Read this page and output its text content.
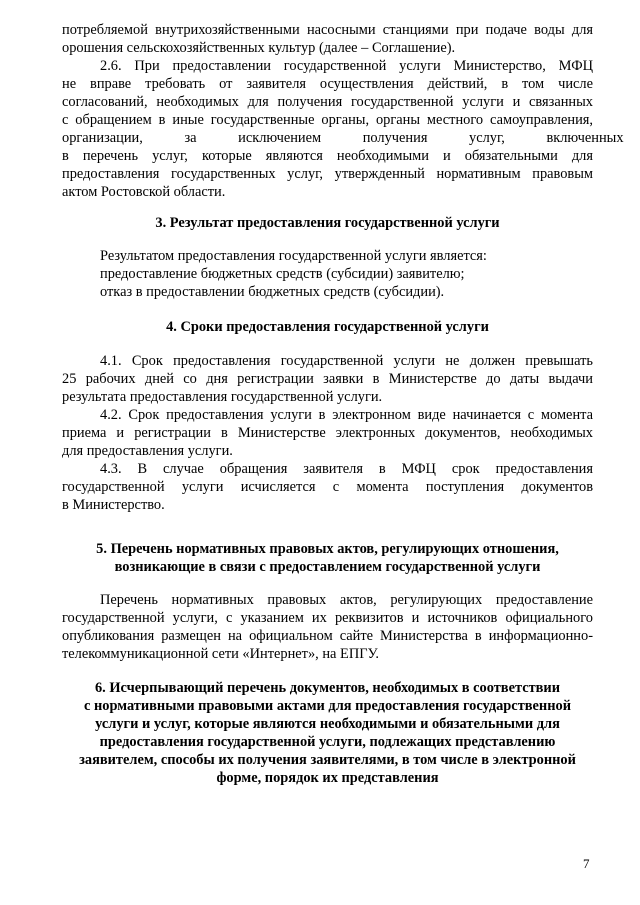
потребляемой внутрихозяйственными насосными станциями при подаче воды для
орошения сельскохозяйственных культур (далее – Соглашение).
2.6. При предоставлении государственной услуги Министерство, МФЦ
не вправе требовать от заявителя осуществления действий, в том числе
согласований, необходимых для получения государственной услуги и связанных
с обращением в иные государственные органы, органы местного самоуправления,
организации, за исключением получения услуг, включенных
в перечень услуг, которые являются необходимыми и обязательными для
предоставления государственных услуг, утвержденный нормативным правовым
актом Ростовской области.
3. Результат предоставления государственной услуги
Результатом предоставления государственной услуги является:
предоставление бюджетных средств (субсидии) заявителю;
отказ в предоставлении бюджетных средств (субсидии).
4. Сроки предоставления государственной услуги
4.1. Срок предоставления государственной услуги не должен превышать
25 рабочих дней со дня регистрации заявки в Министерстве до даты выдачи
результата предоставления государственной услуги.
4.2. Срок предоставления услуги в электронном виде начинается с момента
приема и регистрации в Министерстве электронных документов, необходимых
для предоставления услуги.
4.3. В случае обращения заявителя в МФЦ срок предоставления
государственной услуги исчисляется с момента поступления документов
в Министерство.
5. Перечень нормативных правовых актов, регулирующих отношения,
возникающие в связи с предоставлением государственной услуги
Перечень нормативных правовых актов, регулирующих предоставление
государственной услуги, с указанием их реквизитов и источников официального
опубликования размещен на официальном сайте Министерства в информационно-
телекоммуникационной сети «Интернет», на ЕПГУ.
6. Исчерпывающий перечень документов, необходимых в соответствии
с нормативными правовыми актами для предоставления государственной
услуги и услуг, которые являются необходимыми и обязательными для
предоставления государственной услуги, подлежащих представлению
заявителем, способы их получения заявителями, в том числе в электронной
форме, порядок их представления
7
